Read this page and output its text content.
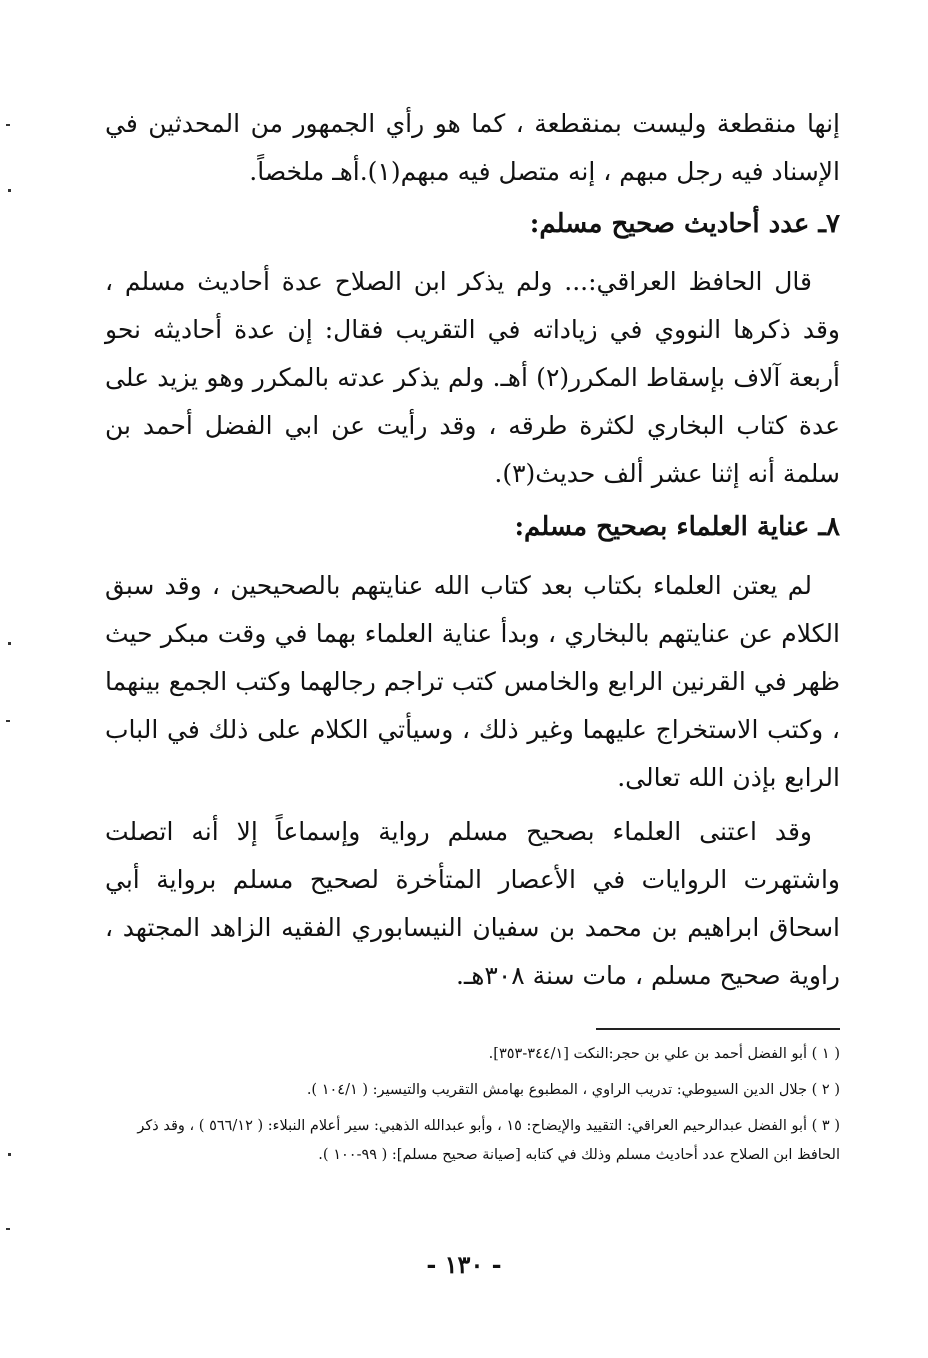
إنها منقطعة وليست بمنقطعة ، كما هو رأي الجمهور من المحدثين في الإسناد فيه رجل مبهم ، إنه متصل فيه مبهم(١).أهـ ملخصاً.

٧ـ عدد أحاديث صحيح مسلم:

قال الحافظ العراقي:... ولم يذكر ابن الصلاح عدة أحاديث مسلم ، وقد ذكرها النووي في زياداته في التقريب فقال: إن عدة أحاديثه نحو أربعة آلاف بإسقاط المكرر(٢) أهـ. ولم يذكر عدته بالمكرر وهو يزيد على عدة كتاب البخاري لكثرة طرقه ، وقد رأيت عن ابي الفضل أحمد بن سلمة أنه إثنا عشر ألف حديث(٣).

٨ـ عناية العلماء بصحيح مسلم:

لم يعتن العلماء بكتاب بعد كتاب الله عنايتهم بالصحيحين ، وقد سبق الكلام عن عنايتهم بالبخاري ، وبدأ عناية العلماء بهما في وقت مبكر حيث ظهر في القرنين الرابع والخامس كتب تراجم رجالهما وكتب الجمع بينهما ، وكتب الاستخراج عليهما وغير ذلك ، وسيأتي الكلام على ذلك في الباب الرابع بإذن الله تعالى.

وقد اعتنى العلماء بصحيح مسلم رواية وإسماعاً إلا أنه اتصلت واشتهرت الروايات في الأعصار المتأخرة لصحيح مسلم برواية أبي اسحاق ابراهيم بن محمد بن سفيان النيسابوري الفقيه الزاهد المجتهد ، راوية صحيح مسلم ، مات سنة ٣٠٨هـ.

( ١ ) أبو الفضل أحمد بن علي بن حجر:النكت [٣٤٤/١-٣٥٣].

( ٢ ) جلال الدين السيوطي: تدريب الراوي ، المطبوع بهامش التقريب والتيسير: ( ١٠٤/١ ).

( ٣ ) أبو الفضل عبدالرحيم العراقي: التقييد والإيضاح: ١٥ ، وأبو عبدالله الذهبي: سير أعلام النبلاء: ( ٥٦٦/١٢ ) ، وقد ذكر الحافظ ابن الصلاح عدد أحاديث مسلم وذلك في كتابه [صيانة صحيح مسلم]: ( ٩٩-١٠٠ ).

- ١٣٠ -
